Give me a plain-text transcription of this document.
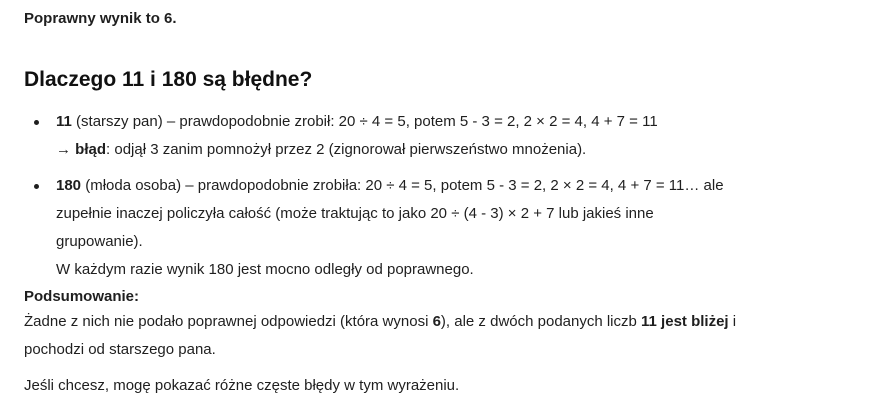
Poprawny wynik to 6.
Dlaczego 11 i 180 są błędne?
11 (starszy pan) – prawdopodobnie zrobił: 20 ÷ 4 = 5, potem 5 - 3 = 2, 2 × 2 = 4, 4 + 7 = 11
→ błąd: odjął 3 zanim pomnożył przez 2 (zignorował pierwszeństwo mnożenia).
180 (młoda osoba) – prawdopodobnie zrobiła: 20 ÷ 4 = 5, potem 5 - 3 = 2, 2 × 2 = 4, 4 + 7 = 11… ale
zupełnie inaczej policzyła całość (może traktując to jako 20 ÷ (4 - 3) × 2 + 7 lub jakieś inne
grupowanie).
W każdym razie wynik 180 jest mocno odległy od poprawnego.
Podsumowanie:
Żadne z nich nie podało poprawnej odpowiedzi (która wynosi 6), ale z dwóch podanych liczb 11 jest bliżej i
pochodzi od starszego pana.
Jeśli chcesz, mogę pokazać różne częste błędy w tym wyrażeniu.
